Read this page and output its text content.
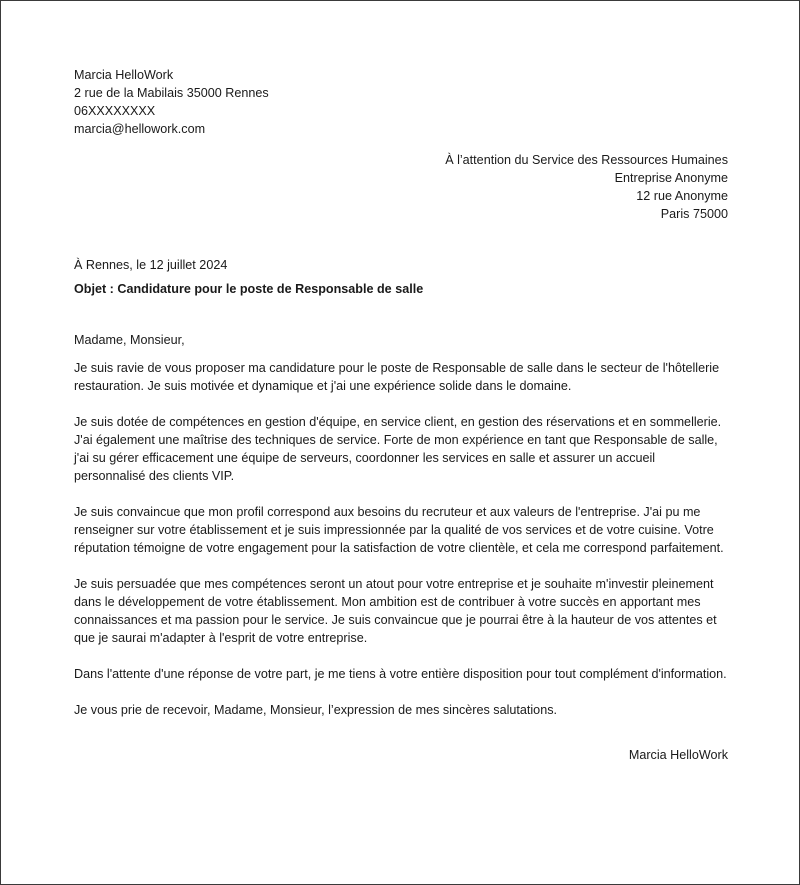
Marcia HelloWork
2 rue de la Mabilais 35000 Rennes
06XXXXXXXX
marcia@hellowork.com
À l’attention du Service des Ressources Humaines
Entreprise Anonyme
12 rue Anonyme
Paris 75000
À Rennes, le 12 juillet 2024
Objet : Candidature pour le poste de Responsable de salle
Madame, Monsieur,

Je suis ravie de vous proposer ma candidature pour le poste de Responsable de salle dans le secteur de l'hôtellerie restauration. Je suis motivée et dynamique et j'ai une expérience solide dans le domaine.

Je suis dotée de compétences en gestion d'équipe, en service client, en gestion des réservations et en sommellerie. J'ai également une maîtrise des techniques de service. Forte de mon expérience en tant que Responsable de salle, j'ai su gérer efficacement une équipe de serveurs, coordonner les services en salle et assurer un accueil personnalisé des clients VIP.

Je suis convaincue que mon profil correspond aux besoins du recruteur et aux valeurs de l'entreprise. J'ai pu me renseigner sur votre établissement et je suis impressionnée par la qualité de vos services et de votre cuisine. Votre réputation témoigne de votre engagement pour la satisfaction de votre clientèle, et cela me correspond parfaitement.

Je suis persuadée que mes compétences seront un atout pour votre entreprise et je souhaite m'investir pleinement dans le développement de votre établissement. Mon ambition est de contribuer à votre succès en apportant mes connaissances et ma passion pour le service. Je suis convaincue que je pourrai être à la hauteur de vos attentes et que je saurai m'adapter à l'esprit de votre entreprise.

Dans l'attente d'une réponse de votre part, je me tiens à votre entière disposition pour tout complément d'information.

Je vous prie de recevoir, Madame, Monsieur, l’expression de mes sincères salutations.

Marcia HelloWork
